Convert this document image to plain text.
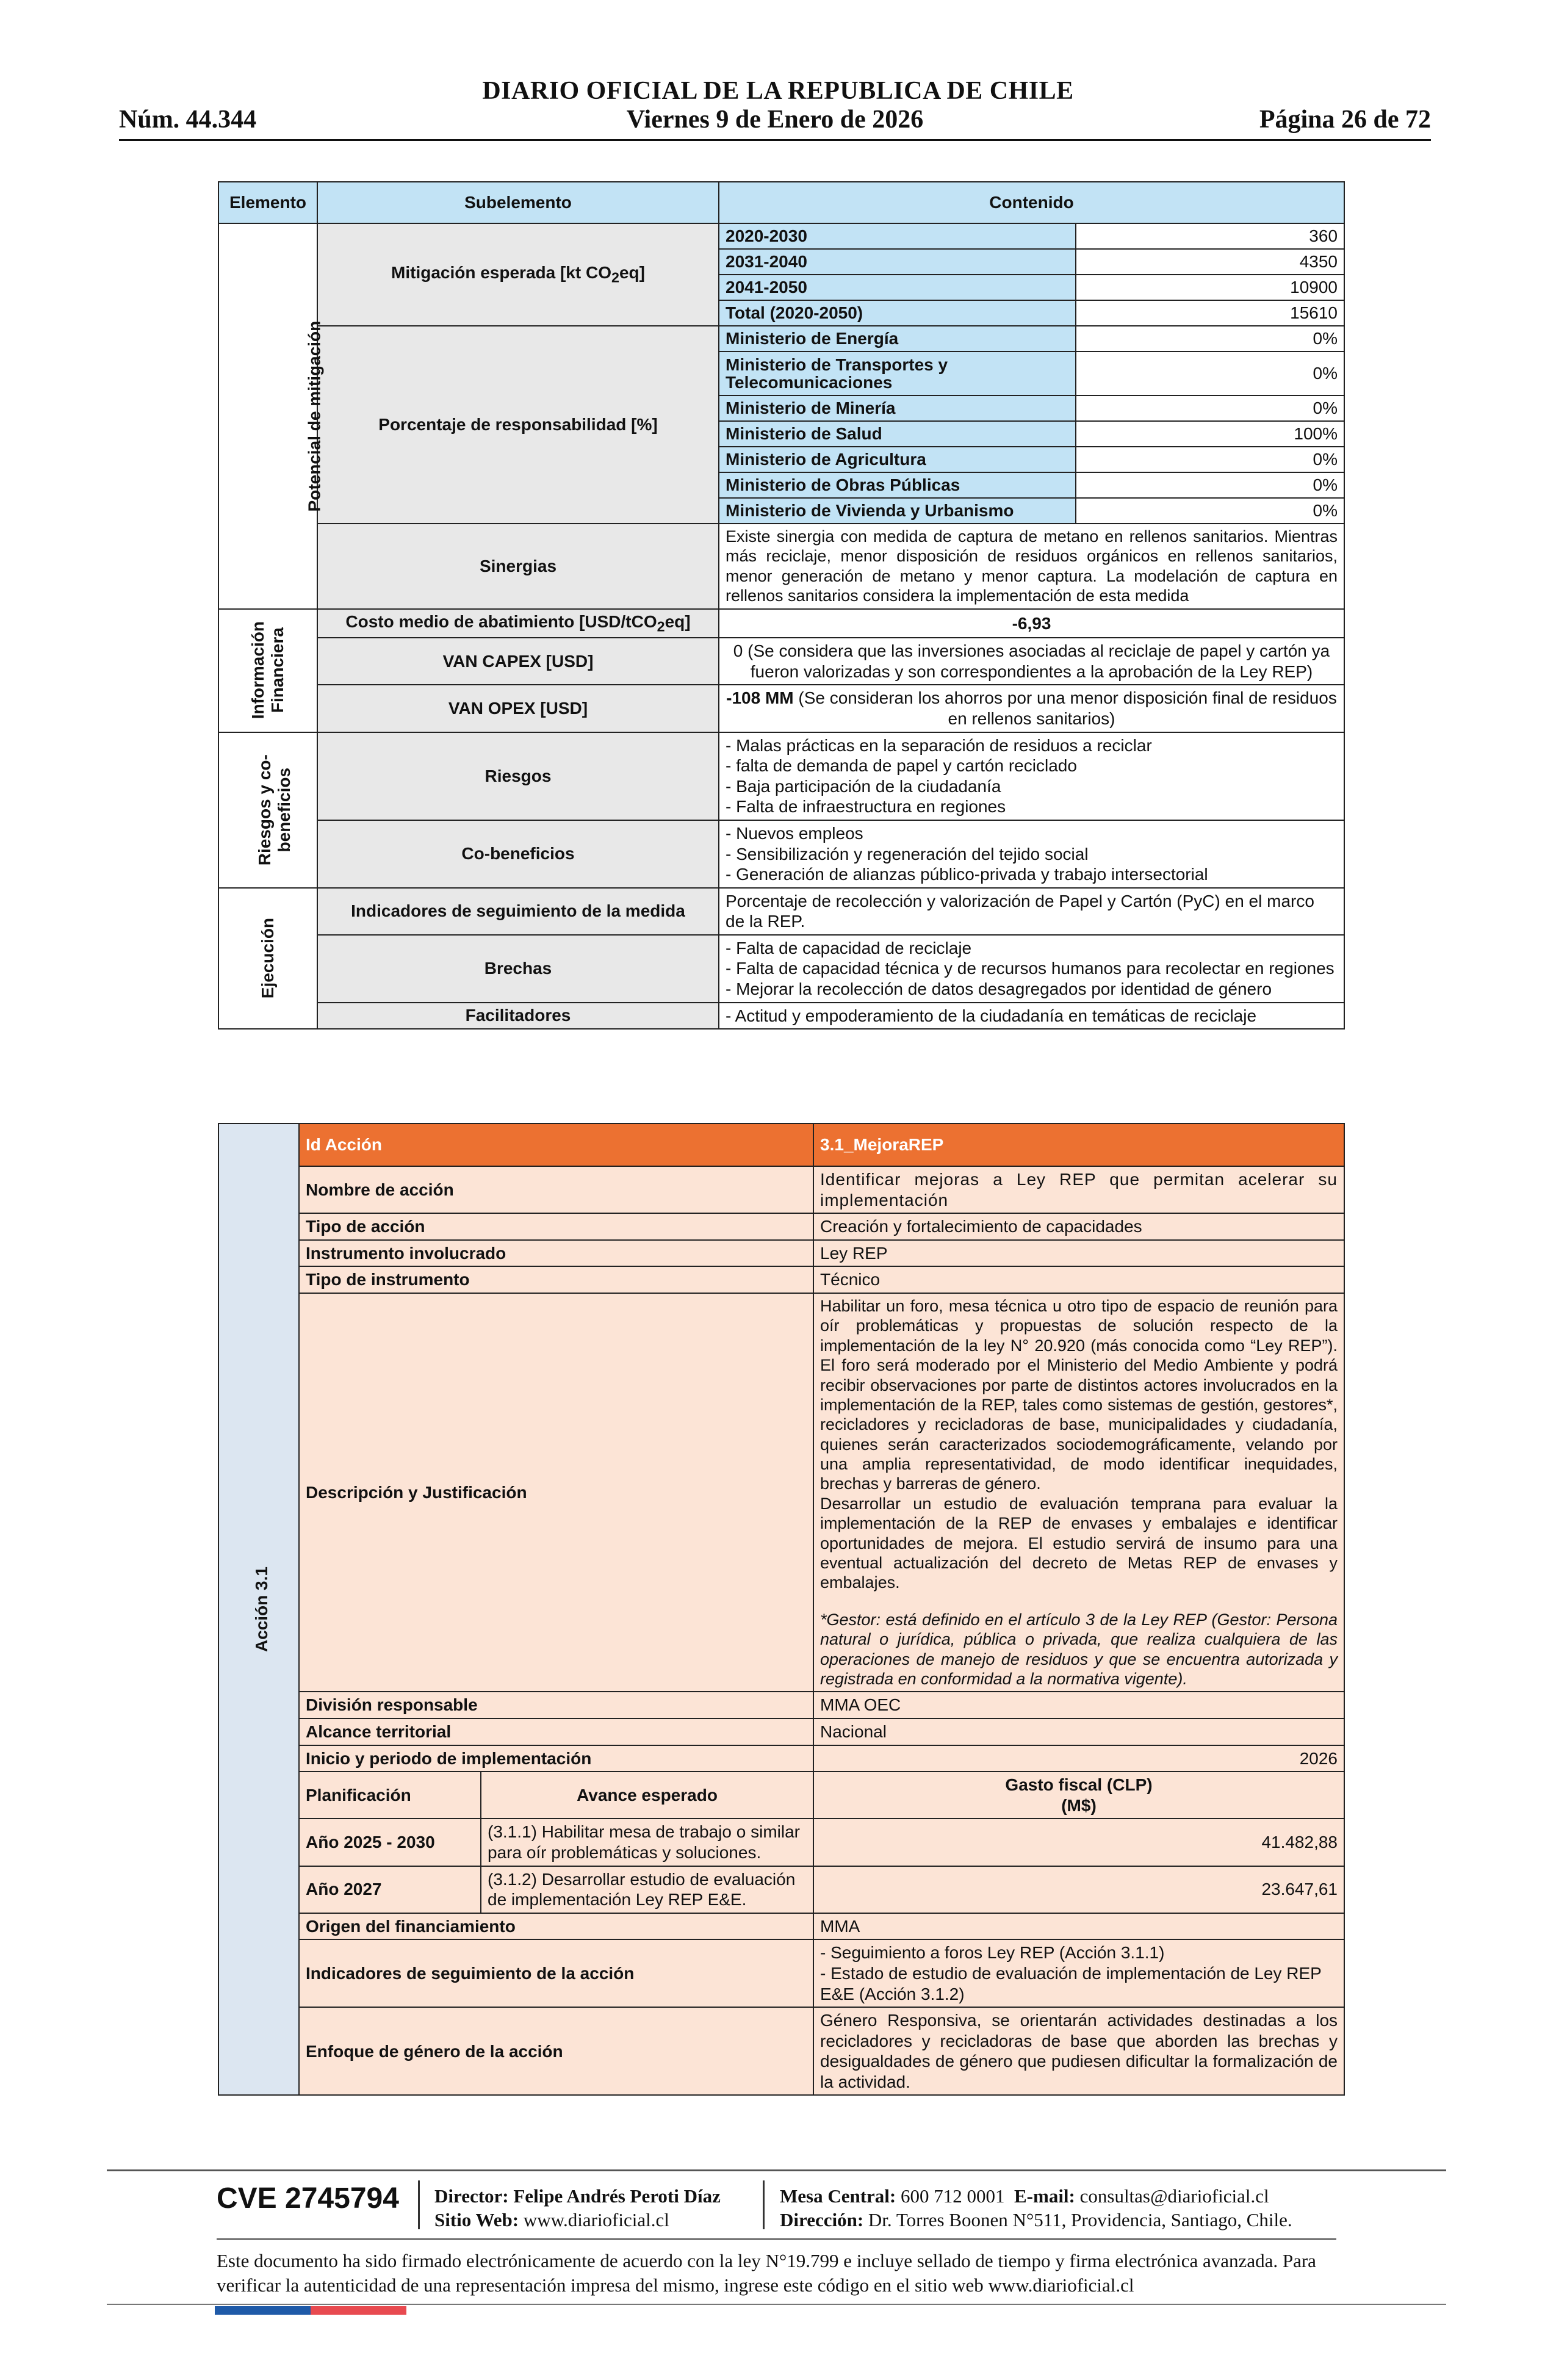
DIARIO OFICIAL DE LA REPUBLICA DE CHILE
Núm. 44.344	Viernes 9 de Enero de 2026	Página 26 de 72
Elemento	Subelemento	Contenido	
Potencial de mitigación	Mitigación esperada [kt $CO_2eq$]	2020-2030	360
		2031-2040	4350
		2041-2050	10900
		Total (2020-2050)	15610
	Porcentaje de responsabilidad [%]	Ministerio de Energía	0%
		Ministerio de Transportes y Telecomunicaciones	0%
		Ministerio de Minería	0%
		Ministerio de Salud	100%
		Ministerio de Agricultura	0%
		Ministerio de Obras Públicas	0%
		Ministerio de Vivienda y Urbanismo	0%
	Sinergias	Existe sinergia con medida de captura de metano en rellenos sanitarios. Mientras más reciclaje, menor disposición de residuos orgánicos en rellenos sanitarios, menor generación de metano y menor captura. La modelación de captura en rellenos sanitarios considera la implementación de esta medida	

Información Financiera	Costo medio de abatimiento [USD/tCO$_2$eq]	-6,93	
	VAN CAPEX [USD]	0 (Se considera que las inversiones asociadas al reciclaje de papel y cartón ya fueron valorizadas y son correspondientes a la aprobación de la Ley REP)	
	VAN OPEX [USD]	-108 MM (Se consideran los ahorros por una menor disposición final de residuos en rellenos sanitarios)	

Riesgos y co- beneficios	Riesgos	- Malas prácticas en la separación de residuos a reciclar
- falta de demanda de papel y cartón reciclado
- Baja participación de la ciudadanía
- Falta de infraestructura en regiones	

	Co-beneficios	- Nuevos empleos
- Sensibilización y regeneración del tejido social
- Generación de alianzas público-privada y trabajo intersectorial	

Ejecución	Indicadores de seguimiento de la medida	Porcentaje de recolección y valorización de Papel y Cartón (PyC) en el marco de la REP.	
	Brechas	- Falta de capacidad de reciclaje
- Falta de capacidad técnica y de recursos humanos para recolectar en regiones
- Mejorar la recolección de datos desagregados por identidad de género	

	Facilitadores	- Actitud y empoderamiento de la ciudadanía en temáticas de reciclaje	
Acción 3.1	Id Acción		3.1_MejoraREP
	Nombre de acción		Identificar mejoras a Ley REP que permitan acelerar su implementación
	Tipo de acción		Creación y fortalecimiento de capacidades
	Instrumento involucrado		Ley REP
	Tipo de instrumento		Técnico
	Descripción y Justificación		Habilitar un foro, mesa técnica u otro tipo de espacio de reunión para oír problemáticas y propuestas de solución respecto de la implementación de la ley N° 20.920 (más conocida como “Ley REP”). El foro será moderado por el Ministerio del Medio Ambiente y podrá recibir observaciones por parte de distintos actores involucrados en la implementación de la REP, tales como sistemas de gestión, gestores*, recicladores y recicladoras de base, municipalidades y ciudadanía, quienes serán caracterizados sociodemográficamente, velando por una amplia representatividad, de modo identificar inequidades, brechas y barreras de género.
Desarrollar un estudio de evaluación temprana para evaluar la implementación de la REP de envases y embalajes e identificar oportunidades de mejora. El estudio servirá de insumo para una eventual actualización del decreto de Metas REP de envases y embalajes.
*Gestor: está definido en el artículo 3 de la Ley REP (Gestor: Persona natural o jurídica, pública o privada, que realiza cualquiera de las operaciones de manejo de residuos y que se encuentra autorizada y registrada en conformidad a la normativa vigente).

	División responsable		MMA OEC
	Alcance territorial		Nacional
	Inicio y periodo de implementación		2026
	Planificación	Avance esperado	Gasto fiscal (CLP)
(M$)

	Año 2025 - 2030	(3.1.1) Habilitar mesa de trabajo o similar para oír problemáticas y soluciones.	41.482,88
	Año 2027	(3.1.2) Desarrollar estudio de evaluación de implementación Ley REP E&E.	23.647,61
	Origen del financiamiento		MMA
	Indicadores de seguimiento de la acción		- Seguimiento a foros Ley REP (Acción 3.1.1)
- Estado de estudio de evaluación de implementación de Ley REP E&E (Acción 3.1.2)

	Enfoque de género de la acción		Género Responsiva, se orientarán actividades destinadas a los recicladores y recicladoras de base que aborden las brechas y desigualdades de género que pudiesen dificultar la formalización de la actividad.
CVE 2745794 Director: Felipe Andrés Peroti Díaz
Sitio Web: www.diarioficial.cl
Mesa Central: 600 712 0001 E-mail: consultas@diarioficial.cl
Dirección: Dr. Torres Boonen N°511, Providencia, Santiago, Chile.
Este documento ha sido firmado electrónicamente de acuerdo con la ley N°19.799 e incluye sellado de tiempo y firma electrónica avanzada. Para verificar la autenticidad de una representación impresa del mismo, ingrese este código en el sitio web www.diarioficial.cl
